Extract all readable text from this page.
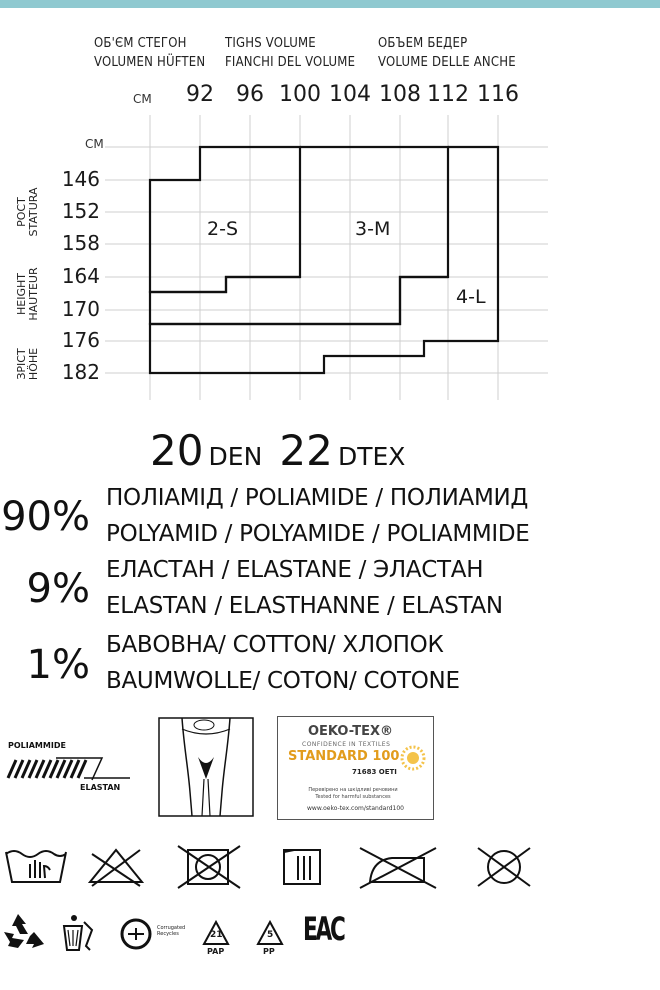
ОБ'ЄМ СТЕГОН
VOLUMEN HÜFTEN
TIGHS VOLUME
FIANCHI DEL VOLUME
ОБЪЕМ БЕДЕР
VOLUME DELLE ANCHE
CM
CM
92 96 100 104 108 112 116
146
152
158
164
170
176
182
РОСТ STATURA
HEIGHT HAUTEUR
ЗРІСТ HÖHE
2-S	3-M
4-L
20 DEN 22 DTEX
90% ПОЛІАМІД / POLIAMIDE / ПОЛИАМИД
POLYAMID / POLYAMIDE / POLIAMMIDE
9% ЕЛАСТАН / ELASTANE / ЭЛАСТАН
ELASTAN / ELASTHANNE / ELASTAN
1% БАВОВНА/ COTTON/ ХЛОПОК
BAUMWOLLE/ COTON/ COTONE
POLIAMMIDE
ELASTAN
OEKO-TEX®
CONFIDENCE IN TEXTILES
STANDARD 100
71683 OETI
Перевірено на шкідливі речовини
Tested for harmful substances
www.oeko-tex.com/standard100
Corrugated Recycles	21
PAP
5
PP
ЕАС
